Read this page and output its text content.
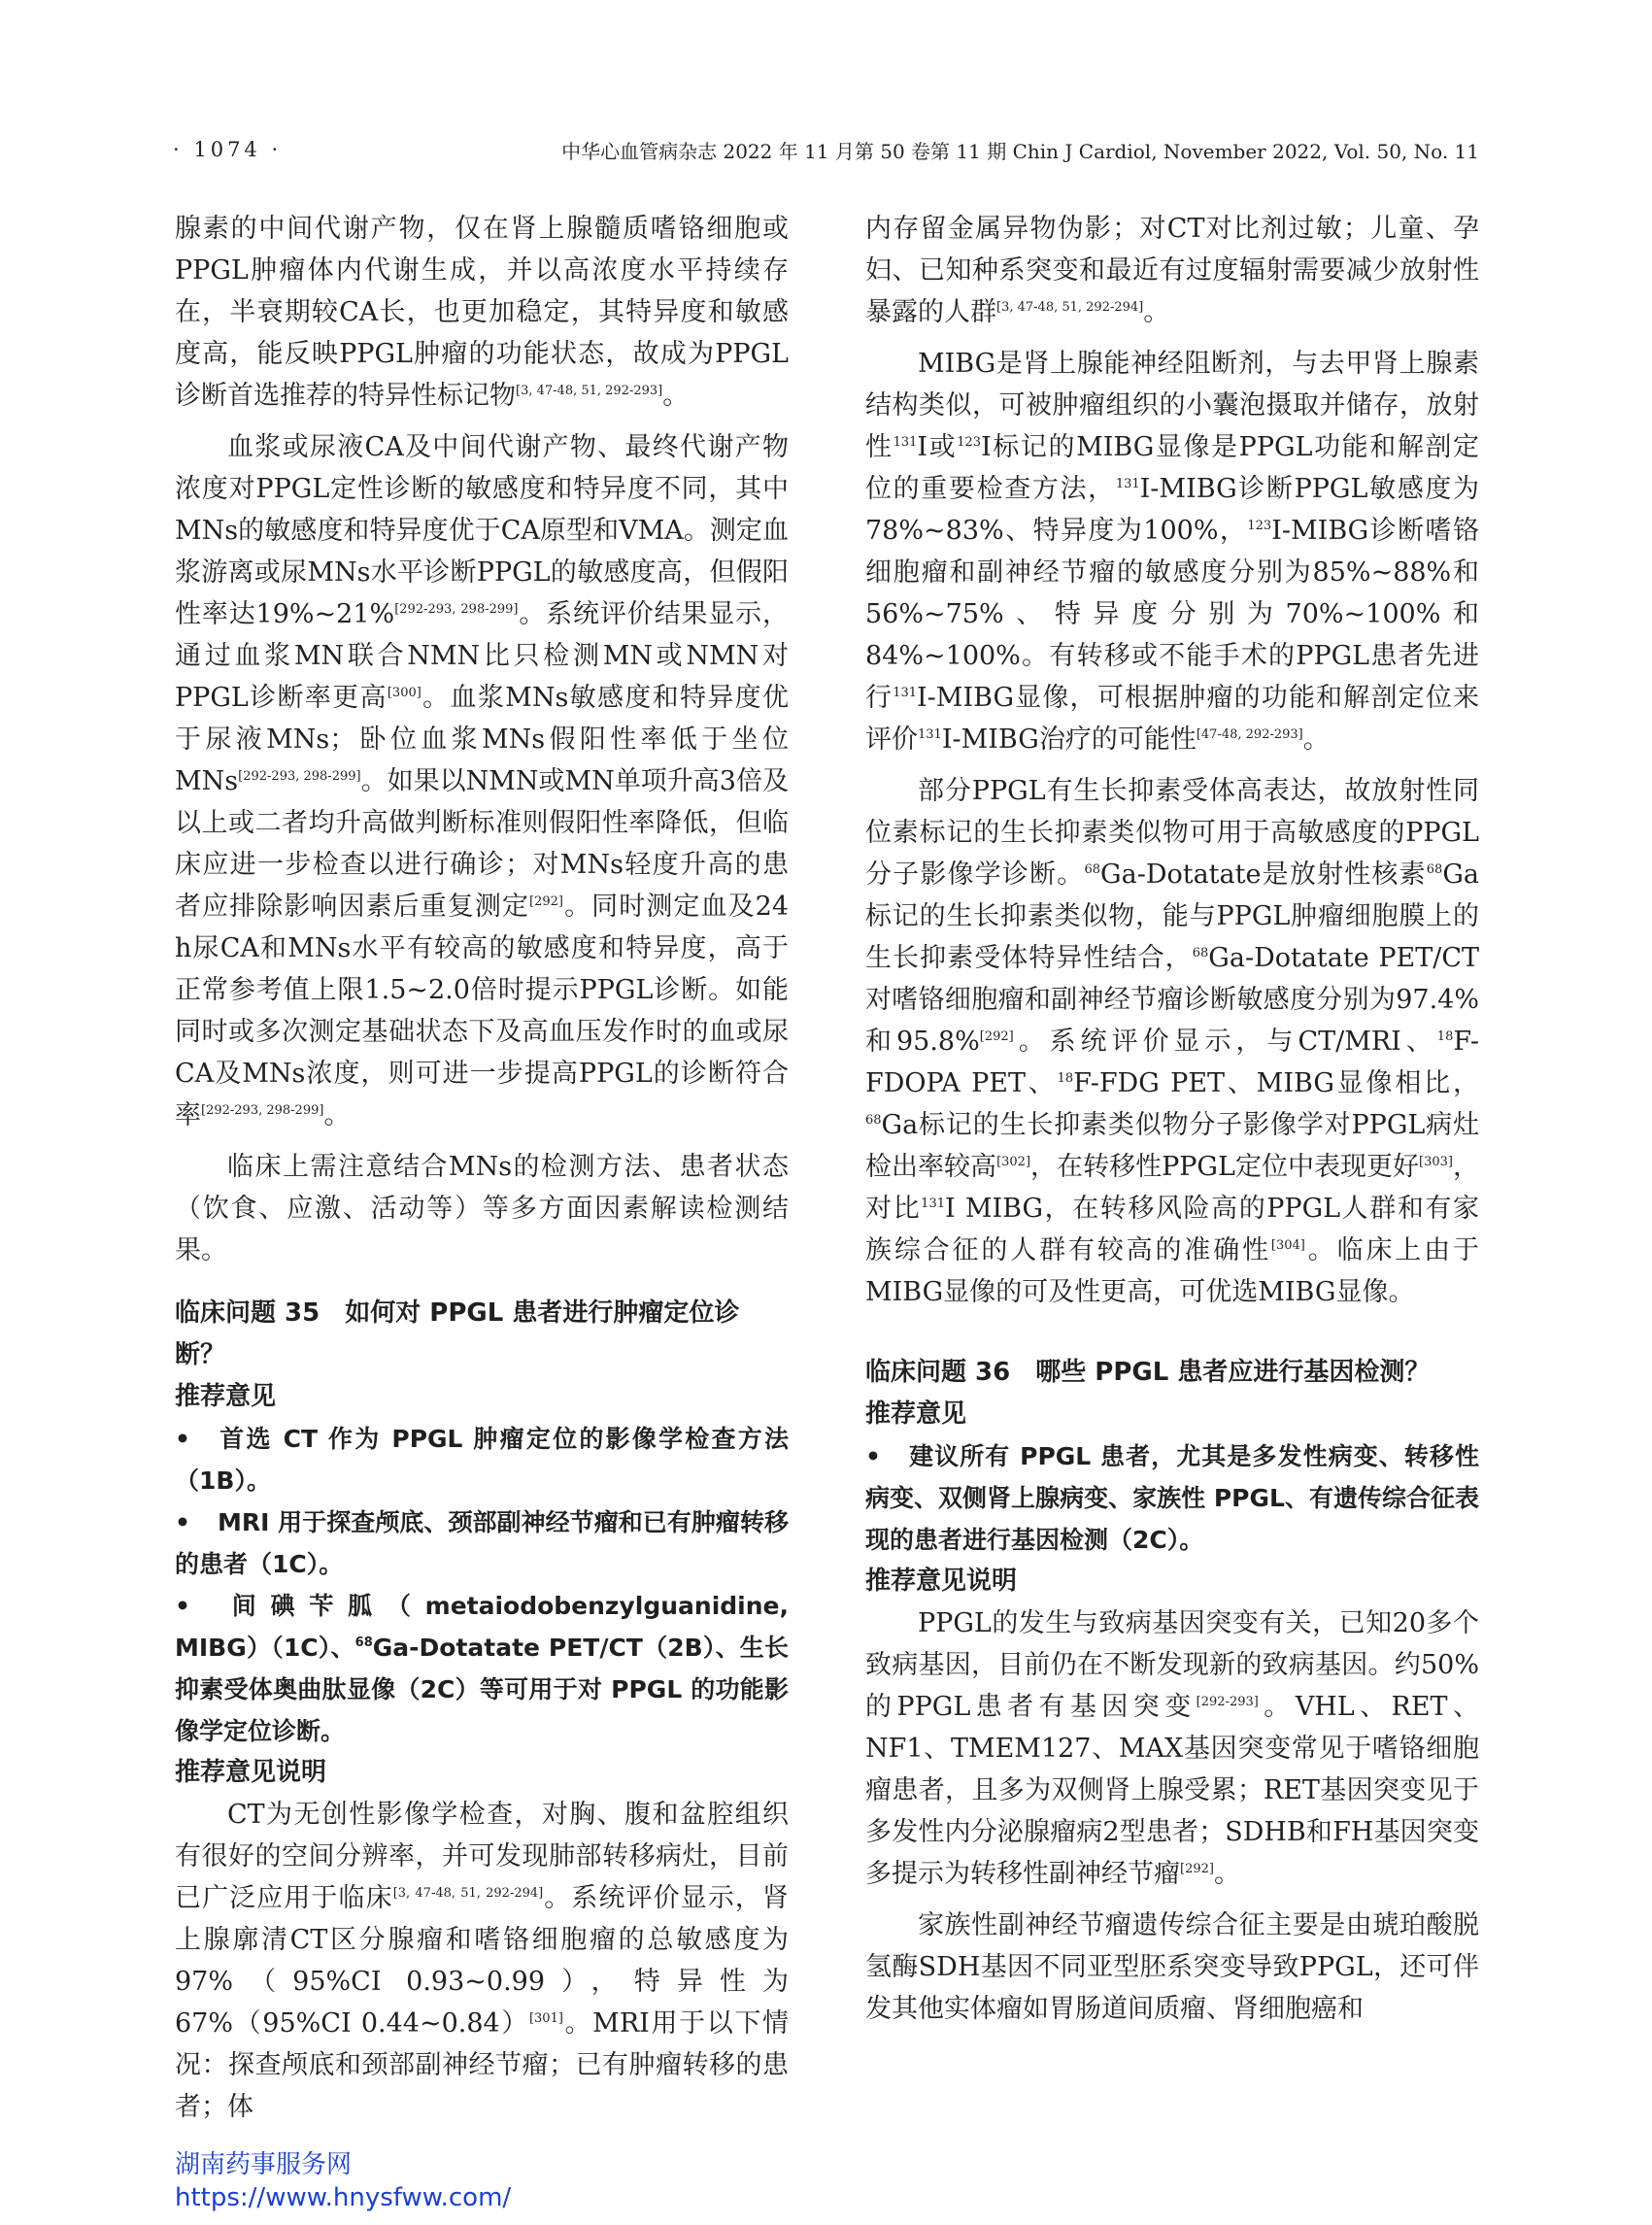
· 1074 ·	中华心血管病杂志 2022 年 11 月第 50 卷第 11 期 Chin J Cardiol, November 2022, Vol. 50, No. 11

腺素的中间代谢产物，仅在肾上腺髓质嗜铬细胞或PPGL肿瘤体内代谢生成，并以高浓度水平持续存在，半衰期较CA长，也更加稳定，其特异度和敏感度高，能反映PPGL肿瘤的功能状态，故成为PPGL诊断首选推荐的特异性标记物[3, 47-48, 51, 292-293]。

血浆或尿液CA及中间代谢产物、最终代谢产物浓度对PPGL定性诊断的敏感度和特异度不同，其中MNs的敏感度和特异度优于CA原型和VMA。测定血浆游离或尿MNs水平诊断PPGL的敏感度高，但假阳性率达19%~21%[292-293, 298-299]。系统评价结果显示，通过血浆MN联合NMN比只检测MN或NMN对PPGL诊断率更高[300]。血浆MNs敏感度和特异度优于尿液MNs；卧位血浆MNs假阳性率低于坐位MNs[292-293, 298-299]。如果以NMN或MN单项升高3倍及以上或二者均升高做判断标准则假阳性率降低，但临床应进一步检查以进行确诊；对MNs轻度升高的患者应排除影响因素后重复测定[292]。同时测定血及24 h尿CA和MNs水平有较高的敏感度和特异度，高于正常参考值上限1.5~2.0倍时提示PPGL诊断。如能同时或多次测定基础状态下及高血压发作时的血或尿CA及MNs浓度，则可进一步提高PPGL的诊断符合率[292-293, 298-299]。

临床上需注意结合MNs的检测方法、患者状态（饮食、应激、活动等）等多方面因素解读检测结果。

临床问题 35　如何对 PPGL 患者进行肿瘤定位诊断？
推荐意见
• 首选 CT 作为 PPGL 肿瘤定位的影像学检查方法（1B）。
• MRI 用于探查颅底、颈部副神经节瘤和已有肿瘤转移的患者（1C）。
• 间碘苄胍（metaiodobenzylguanidine, MIBG）（1C）、$^{68}$Ga-Dotatate PET/CT（2B）、生长抑素受体奥曲肽显像（2C）等可用于对 PPGL 的功能影像学定位诊断。
推荐意见说明

CT为无创性影像学检查，对胸、腹和盆腔组织有很好的空间分辨率，并可发现肺部转移病灶，目前已广泛应用于临床[3, 47-48, 51, 292-294]。系统评价显示，肾上腺廓清CT区分腺瘤和嗜铬细胞瘤的总敏感度为97%（95%CI 0.93~0.99），特异性为67%（95%CI 0.44~0.84）[301]。MRI用于以下情况：探查颅底和颈部副神经节瘤；已有肿瘤转移的患者；体

内存留金属异物伪影；对CT对比剂过敏；儿童、孕妇、已知种系突变和最近有过度辐射需要减少放射性暴露的人群[3, 47-48, 51, 292-294]。

MIBG是肾上腺能神经阻断剂，与去甲肾上腺素结构类似，可被肿瘤组织的小囊泡摄取并储存，放射性$^{131}$I或$^{123}$I标记的MIBG显像是PPGL功能和解剖定位的重要检查方法，$^{131}$I-MIBG诊断PPGL敏感度为78%~83%、特异度为100%，$^{123}$I-MIBG诊断嗜铬细胞瘤和副神经节瘤的敏感度分别为85%~88%和56%~75%、特异度分别为70%~100%和84%~100%。有转移或不能手术的PPGL患者先进行$^{131}$I-MIBG显像，可根据肿瘤的功能和解剖定位来评价$^{131}$I-MIBG治疗的可能性[47-48, 292-293]。

部分PPGL有生长抑素受体高表达，故放射性同位素标记的生长抑素类似物可用于高敏感度的PPGL分子影像学诊断。$^{68}$Ga-Dotatate是放射性核素$^{68}$Ga标记的生长抑素类似物，能与PPGL肿瘤细胞膜上的生长抑素受体特异性结合，$^{68}$Ga-Dotatate PET/CT对嗜铬细胞瘤和副神经节瘤诊断敏感度分别为97.4%和95.8%[292]。系统评价显示，与CT/MRI、$^{18}$F-FDOPA PET、$^{18}$F-FDG PET、MIBG显像相比，$^{68}$Ga标记的生长抑素类似物分子影像学对PPGL病灶检出率较高[302]，在转移性PPGL定位中表现更好[303]，对比$^{131}$I MIBG，在转移风险高的PPGL人群和有家族综合征的人群有较高的准确性[304]。临床上由于MIBG显像的可及性更高，可优选MIBG显像。

临床问题 36　哪些 PPGL 患者应进行基因检测？
推荐意见
• 建议所有 PPGL 患者，尤其是多发性病变、转移性病变、双侧肾上腺病变、家族性 PPGL、有遗传综合征表现的患者进行基因检测（2C）。
推荐意见说明

PPGL的发生与致病基因突变有关，已知20多个致病基因，目前仍在不断发现新的致病基因。约50%的PPGL患者有基因突变[292-293]。VHL、RET、NF1、TMEM127、MAX基因突变常见于嗜铬细胞瘤患者，且多为双侧肾上腺受累；RET基因突变见于多发性内分泌腺瘤病2型患者；SDHB和FH基因突变多提示为转移性副神经节瘤[292]。

家族性副神经节瘤遗传综合征主要是由琥珀酸脱氢酶SDH基因不同亚型胚系突变导致PPGL，还可伴发其他实体瘤如胃肠道间质瘤、肾细胞癌和

湖南药事服务网
https://www.hnysfww.com/
